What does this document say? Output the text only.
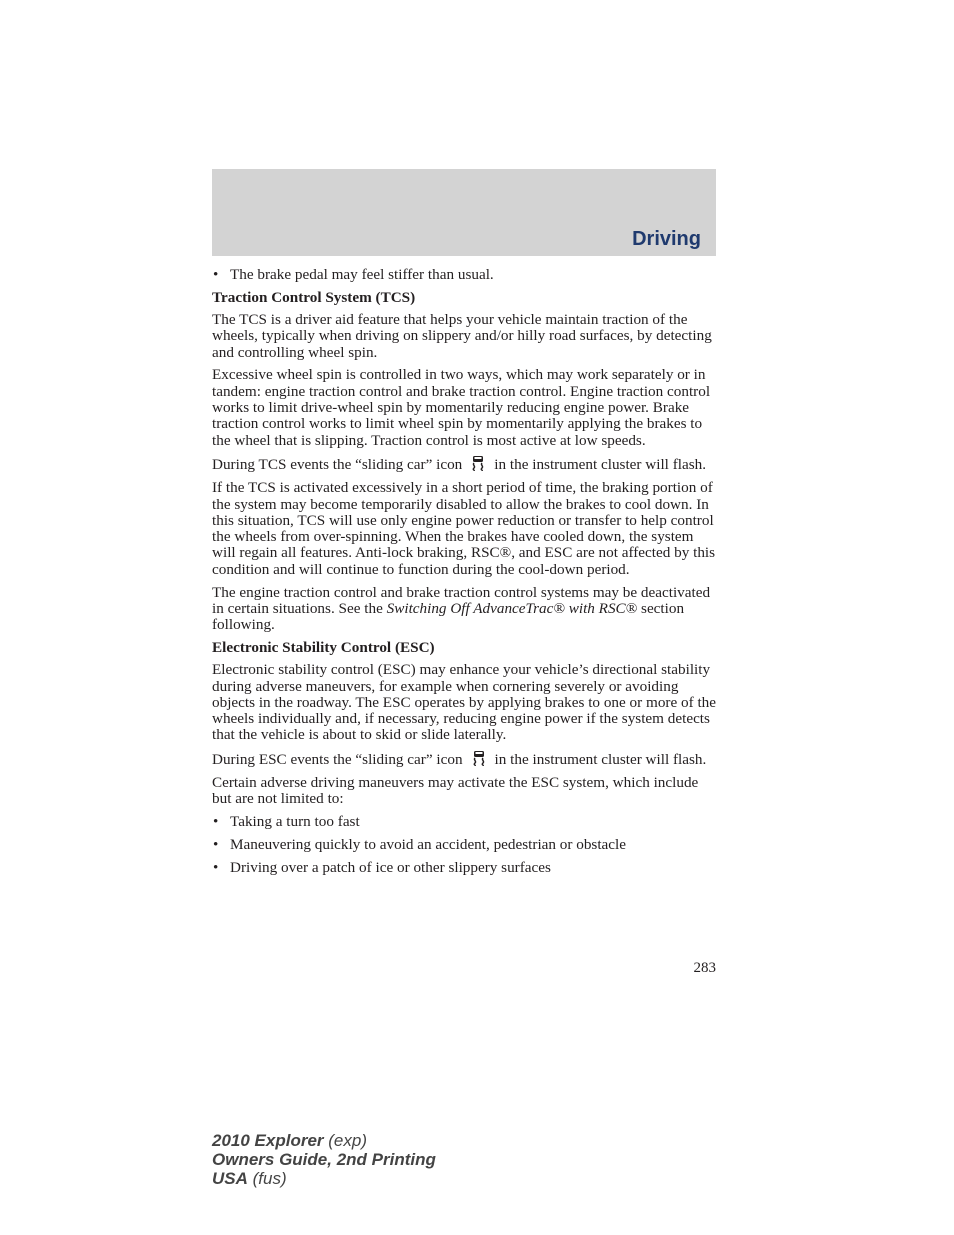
Driving
• The brake pedal may feel stiffer than usual.
Traction Control System (TCS)

The TCS is a driver aid feature that helps your vehicle maintain traction of the wheels, typically when driving on slippery and/or hilly road surfaces, by detecting and controlling wheel spin.

Excessive wheel spin is controlled in two ways, which may work separately or in tandem: engine traction control and brake traction control. Engine traction control works to limit drive-wheel spin by momentarily reducing engine power. Brake traction control works to limit wheel spin by momentarily applying the brakes to the wheel that is slipping. Traction control is most active at low speeds.

During TCS events the “sliding car” icon in the instrument cluster will flash.

If the TCS is activated excessively in a short period of time, the braking portion of the system may become temporarily disabled to allow the brakes to cool down. In this situation, TCS will use only engine power reduction or transfer to help control the wheels from over-spinning. When the brakes have cooled down, the system will regain all features. Anti-lock braking, RSC®, and ESC are not affected by this condition and will continue to function during the cool-down period.

The engine traction control and brake traction control systems may be deactivated in certain situations. See the Switching Off AdvanceTrac® with RSC® section following.

Electronic Stability Control (ESC)

Electronic stability control (ESC) may enhance your vehicle’s directional stability during adverse maneuvers, for example when cornering severely or avoiding objects in the roadway. The ESC operates by applying brakes to one or more of the wheels individually and, if necessary, reducing engine power if the system detects that the vehicle is about to skid or slide laterally.

During ESC events the “sliding car” icon in the instrument cluster will flash.

Certain adverse driving maneuvers may activate the ESC system, which include but are not limited to:

• Taking a turn too fast
• Maneuvering quickly to avoid an accident, pedestrian or obstacle
• Driving over a patch of ice or other slippery surfaces
283
2010 Explorer (exp)
Owners Guide, 2nd Printing
USA (fus)
